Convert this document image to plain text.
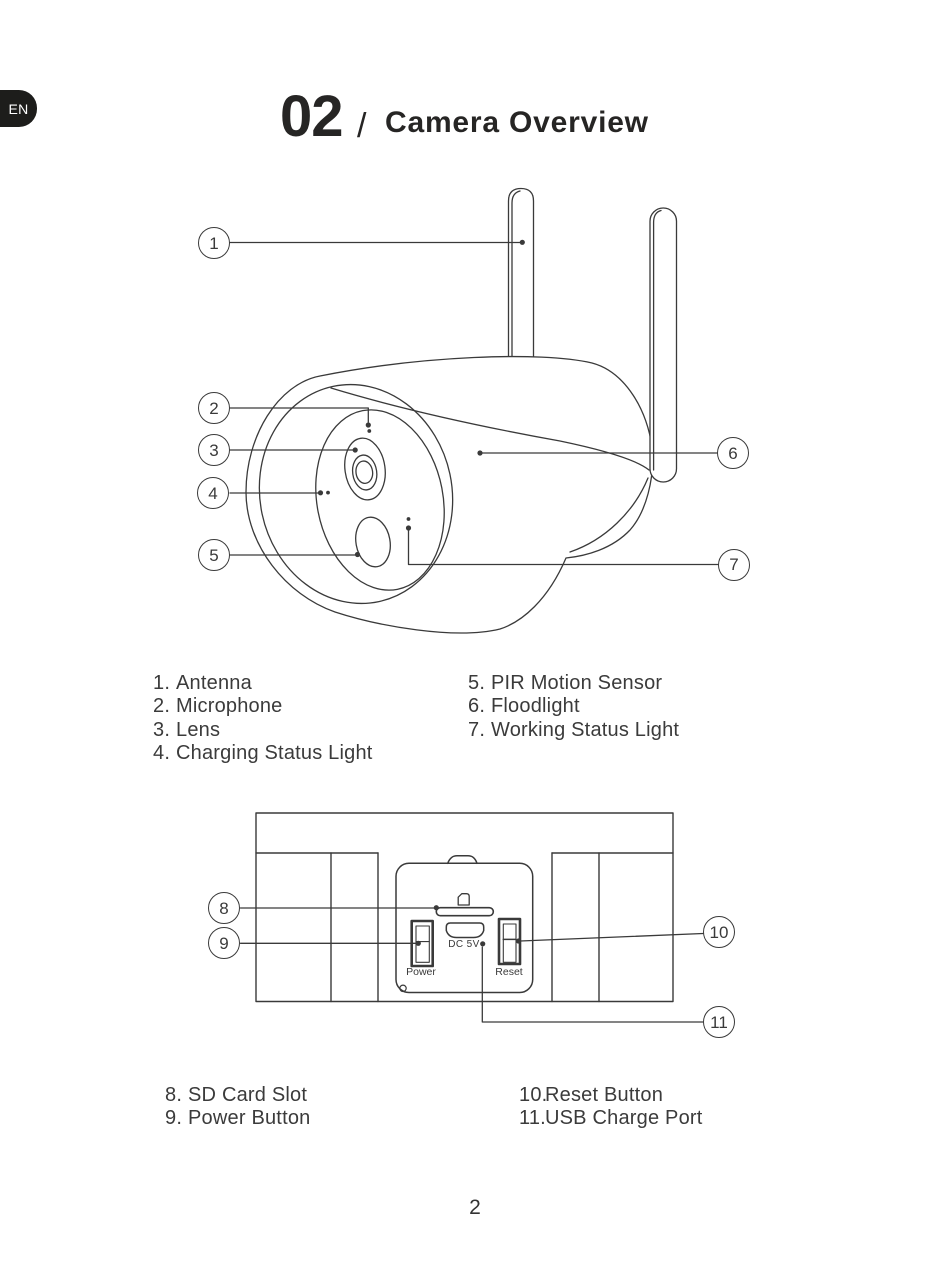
EN	02 / Camera Overview
1
2
3
4
5
6
7
8
9
10
11
1. Antenna
2. Microphone
3. Lens
4. Charging Status Light
5. PIR Motion Sensor
6. Floodlight
7. Working Status Light
8. SD Card Slot
9. Power Button
10.
Reset Button
11. USB Charge Port
Power	Reset
DC 5V
2
